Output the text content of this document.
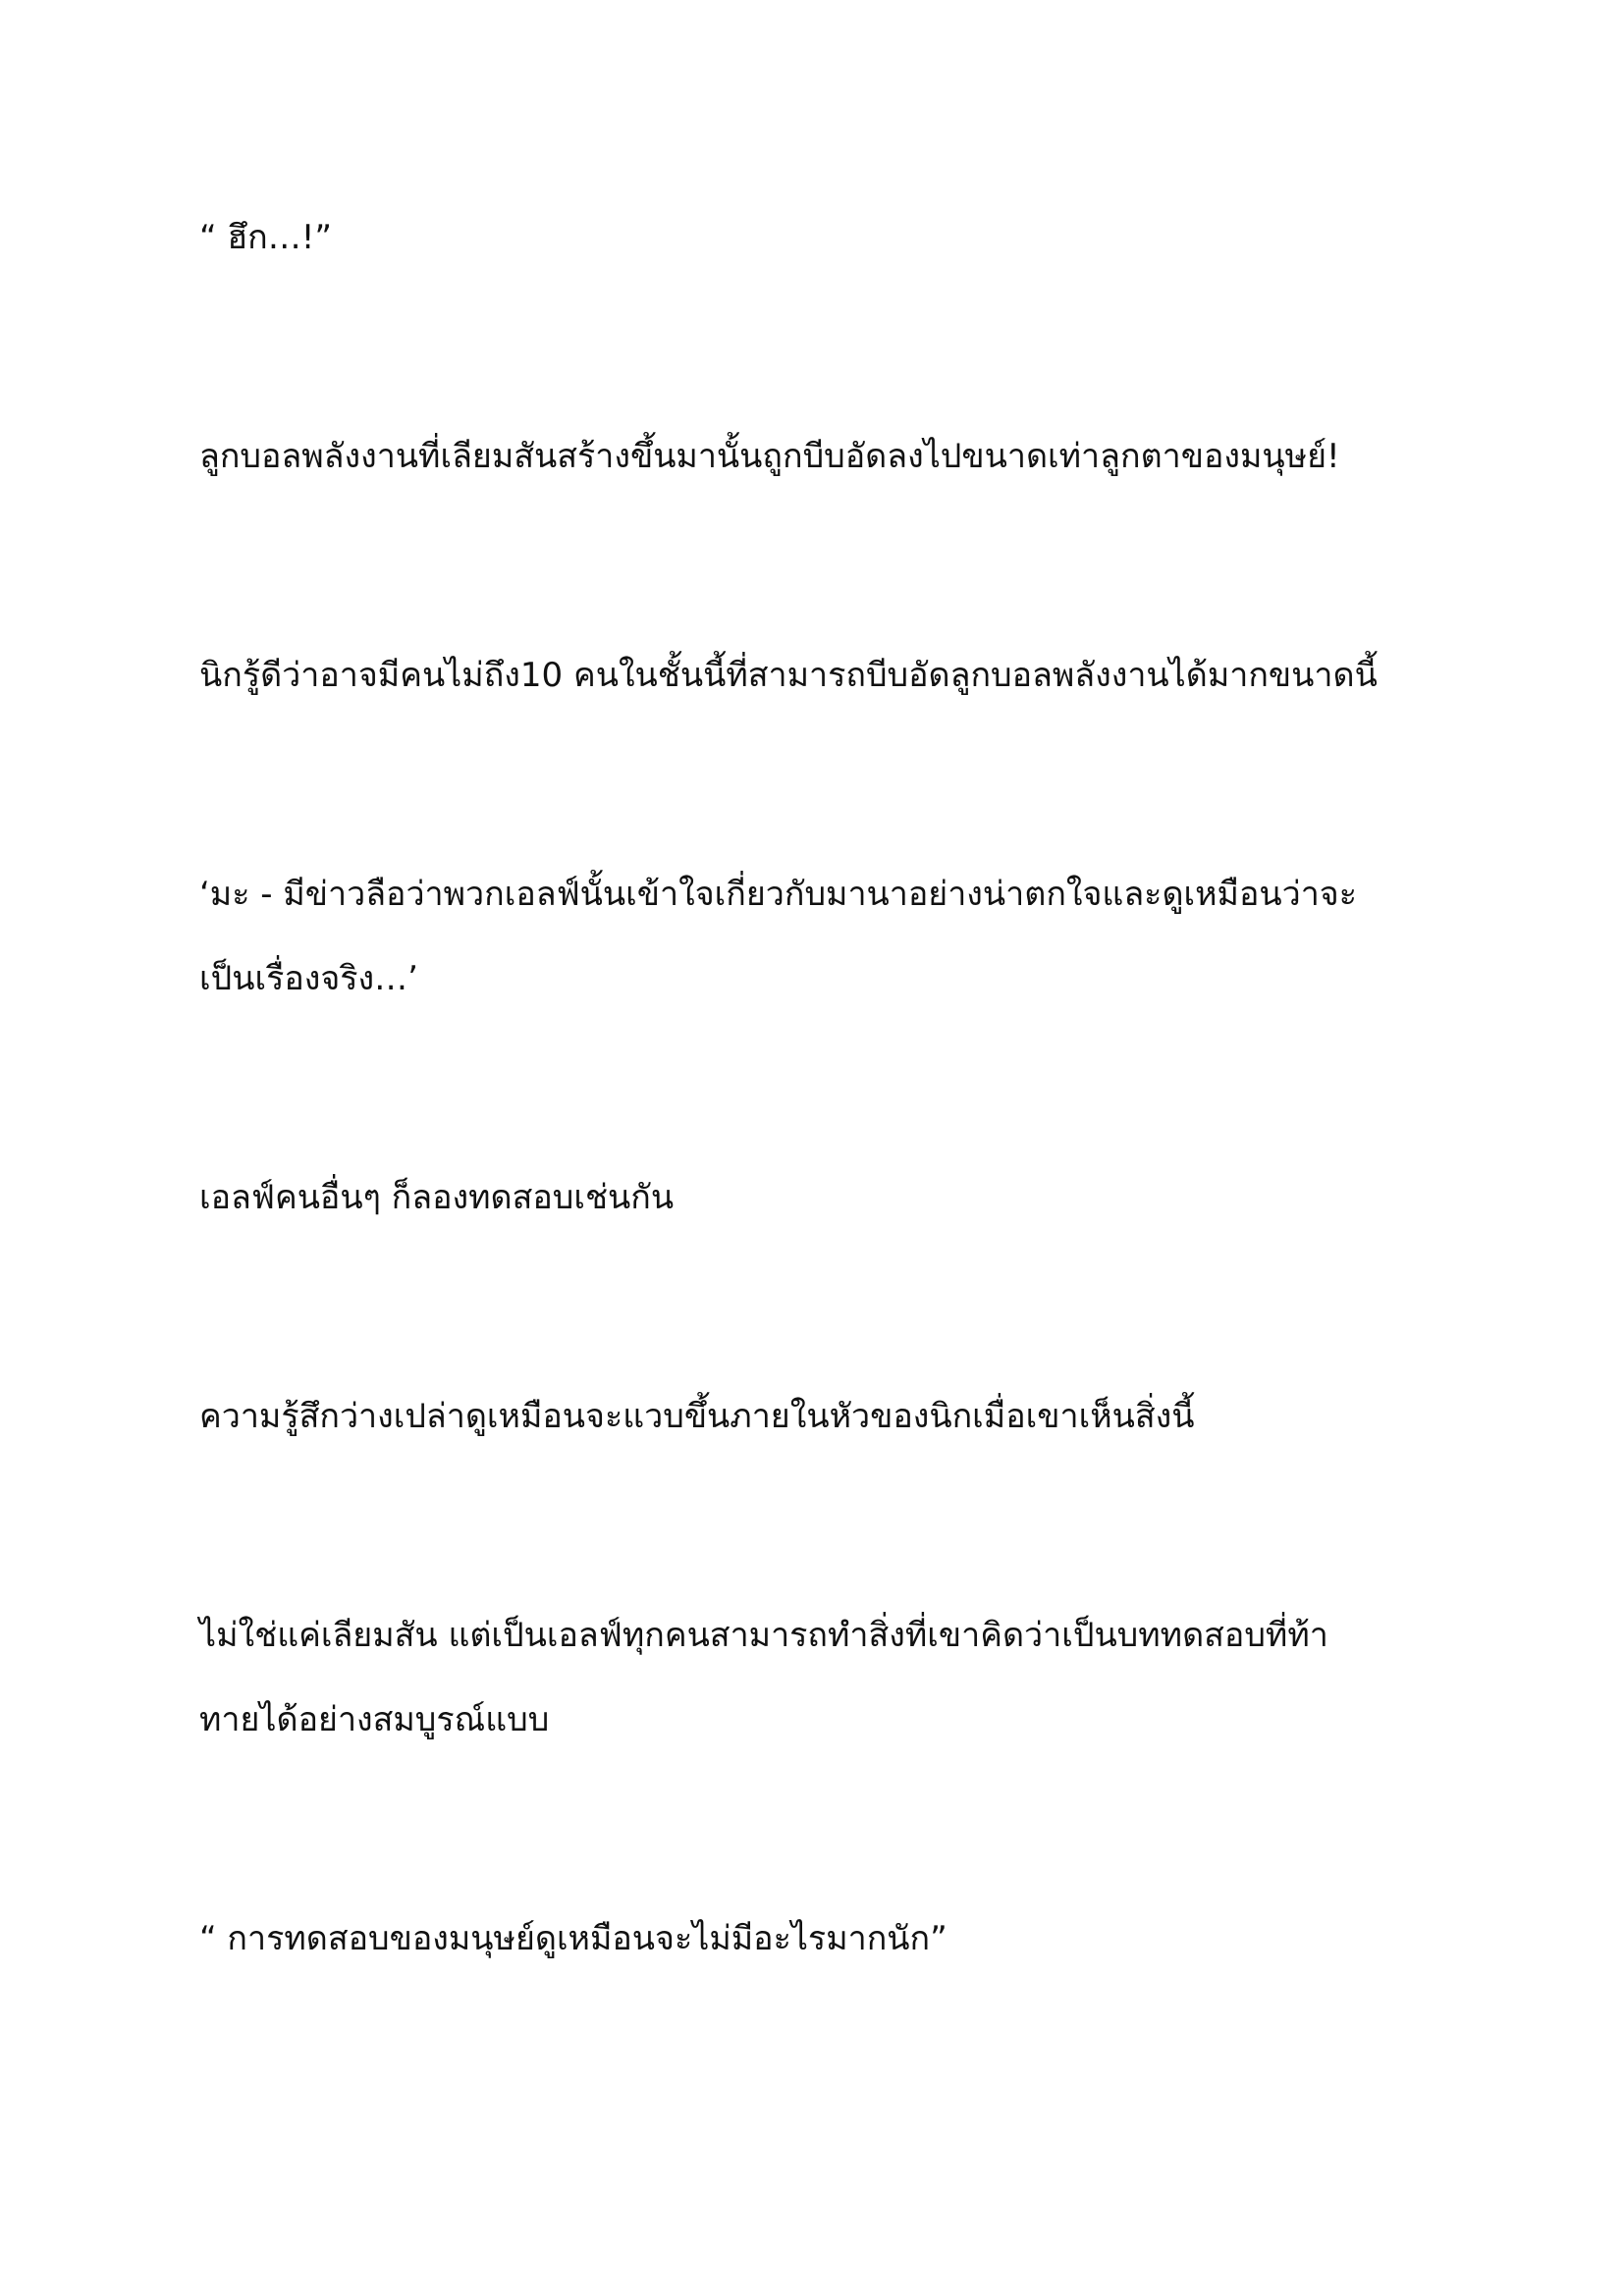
“ ฮึก…!”

ลูกบอลพลังงานที่เลียมสันสร้างขึ้นมานั้นถูกบีบอัดลงไปขนาดเท่าลูกตาของมนุษย์!

นิกรู้ดีว่าอาจมีคนไม่ถึง10 คนในชั้นนี้ที่สามารถบีบอัดลูกบอลพลังงานได้มากขนาดนี้

‘มะ - มีข่าวลือว่าพวกเอลฟ์นั้นเข้าใจเกี่ยวกับมานาอย่างน่าตกใจและดูเหมือนว่าจะ
เป็นเรื่องจริง…’

เอลฟ์คนอื่นๆ ก็ลองทดสอบเช่นกัน

ความรู้สึกว่างเปล่าดูเหมือนจะแวบขึ้นภายในหัวของนิกเมื่อเขาเห็นสิ่งนี้

ไม่ใช่แค่เลียมสัน แต่เป็นเอลฟ์ทุกคนสามารถทำสิ่งที่เขาคิดว่าเป็นบททดสอบที่ท้า
ทายได้อย่างสมบูรณ์แบบ

“ การทดสอบของมนุษย์ดูเหมือนจะไม่มีอะไรมากนัก”
